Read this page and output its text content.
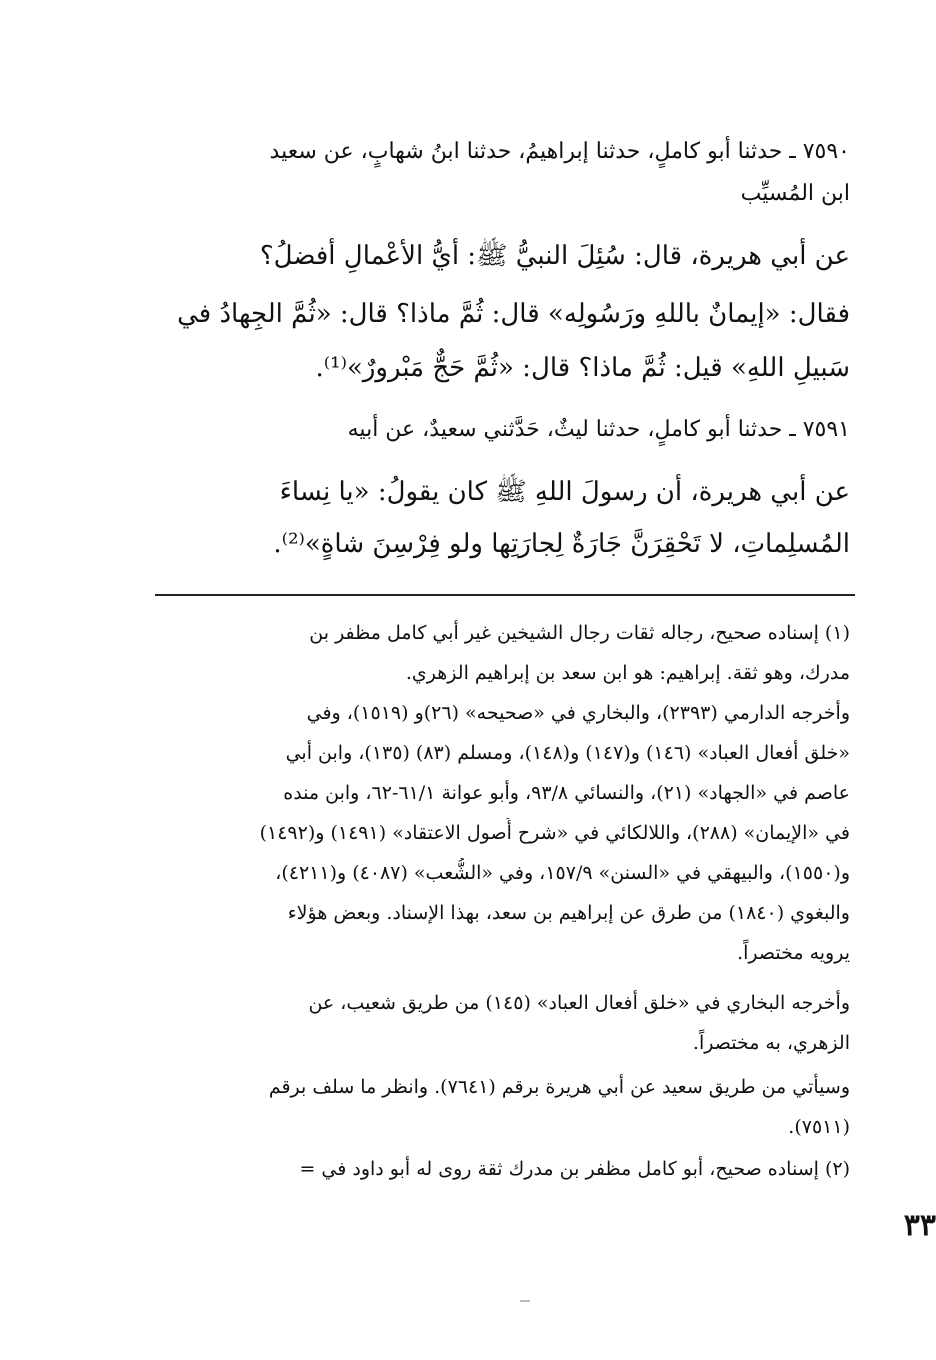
٧٥٩٠ ـ حدثنا أبو كاملٍ، حدثنا إبراهيمُ، حدثنا ابنُ شهابٍ، عن سعيد
ابن المُسيِّب
عن أبي هريرة، قال: سُئِلَ النبيُّ ﷺ: أيُّ الأعْمالِ أفضلُ؟
فقال: «إيمانٌ باللهِ ورَسُولِه» قال: ثُمَّ ماذا؟ قال: «ثُمَّ الجِهادُ في
سَبيلِ اللهِ» قيل: ثُمَّ ماذا؟ قال: «ثُمَّ حَجٌّ مَبْرورٌ»⁽¹⁾.
٧٥٩١ ـ حدثنا أبو كاملٍ، حدثنا ليثٌ، حَدَّثني سعيدٌ، عن أبيه
عن أبي هريرة، أن رسولَ اللهِ ﷺ كان يقولُ: «يا نِساءَ
المُسلِماتِ، لا تَحْقِرَنَّ جَارَةٌ لِجارَتِها ولو فِرْسِنَ شاةٍ»⁽²⁾.
(١) إسناده صحيح، رجاله ثقات رجال الشيخين غير أبي كامل مظفر بن
مدرك، وهو ثقة. إبراهيم: هو ابن سعد بن إبراهيم الزهري.
وأخرجه الدارمي (٢٣٩٣)، والبخاري في «صحيحه» (٢٦)و (١٥١٩)، وفي
«خلق أفعال العباد» (١٤٦) و(١٤٧) و(١٤٨)، ومسلم (٨٣) (١٣٥)، وابن أبي
عاصم في «الجهاد» (٢١)، والنسائي ٩٣/٨، وأبو عوانة ٦١/١-٦٢، وابن منده
في «الإيمان» (٢٨٨)، واللالكائي في «شرح أُصول الاعتقاد» (١٤٩١) و(١٤٩٢)
و(١٥٥٠)، والبيهقي في «السنن» ١٥٧/٩، وفي «الشُّعب» (٤٠٨٧) و(٤٢١١)،
والبغوي (١٨٤٠) من طرق عن إبراهيم بن سعد، بهذا الإسناد. وبعض هؤلاء
يرويه مختصراً.
وأخرجه البخاري في «خلق أفعال العباد» (١٤٥) من طريق شعيب، عن
الزهري، به مختصراً.
وسيأتي من طريق سعيد عن أبي هريرة برقم (٧٦٤١). وانظر ما سلف برقم
(٧٥١١).
(٢) إسناده صحيح، أبو كامل مظفر بن مدرك ثقة روى له أبو داود في =
٣٣
